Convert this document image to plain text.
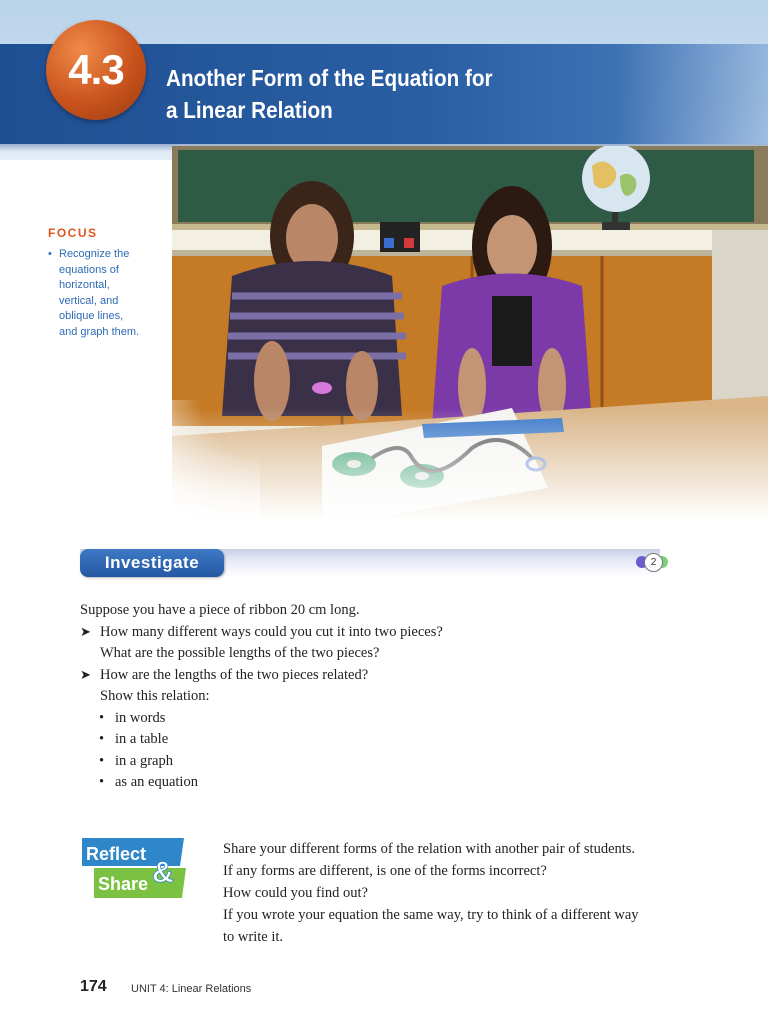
4.3 Another Form of the Equation for
a Linear Relation
FOCUS
• Recognize the
equations of
horizontal,
vertical, and
oblique lines,
and graph them.
Investigate	2
Suppose you have a piece of ribbon 20 cm long.
➤ How many different ways could you cut it into two pieces?
What are the possible lengths of the two pieces?
➤ How are the lengths of the two pieces related?
Show this relation:
• in words
• in a table
• in a graph
• as an equation
Reflect
Share &
Share your different forms of the relation with another pair of students.
If any forms are different, is one of the forms incorrect?
How could you find out?
If you wrote your equation the same way, try to think of a different way
to write it.
174 UNIT 4: Linear Relations
